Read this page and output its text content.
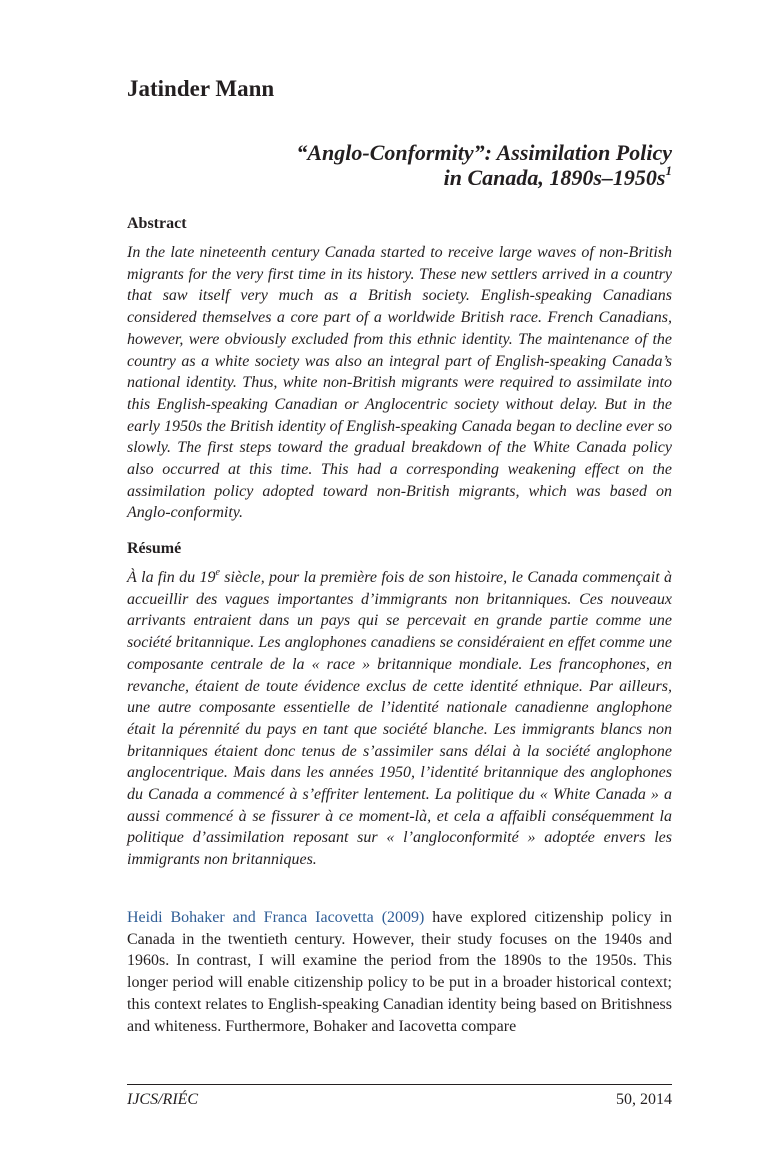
Jatinder Mann
“Anglo-Conformity”: Assimilation Policy
in Canada, $1890s-1950s^1$
Abstract

In the late nineteenth century Canada started to receive large waves of non-British migrants for the very first time in its history. These new settlers arrived in a country that saw itself very much as a British society. English-speaking Canadians considered themselves a core part of a worldwide British race. French Canadians, however, were obviously excluded from this ethnic identity. The maintenance of the country as a white society was also an integral part of English-speaking Canada’s national identity. Thus, white non-British migrants were required to assimilate into this English-speaking Canadian or Anglocentric society without delay. But in the early 1950s the British identity of English-speaking Canada began to decline ever so slowly. The first steps toward the gradual breakdown of the White Canada policy also occurred at this time. This had a corresponding weakening effect on the assimilation policy adopted toward non-British migrants, which was based on Anglo-conformity.

Résumé

À la fin du 19e siècle, pour la première fois de son histoire, le Canada commençait à accueillir des vagues importantes d’immigrants non britanniques. Ces nouveaux arrivants entraient dans un pays qui se percevait en grande partie comme une société britannique. Les anglophones canadiens se considéraient en effet comme une composante centrale de la « race » britannique mondiale. Les francophones, en revanche, étaient de toute évidence exclus de cette identité ethnique. Par ailleurs, une autre composante essentielle de l’identité nationale canadienne anglophone était la pérennité du pays en tant que société blanche. Les immigrants blancs non britanniques étaient donc tenus de s’assimiler sans délai à la société anglophone anglocentrique. Mais dans les années 1950, l’identité britannique des anglophones du Canada a commencé à s’effriter lentement. La politique du « White Canada » a aussi commencé à se fissurer à ce moment-là, et cela a affaibli conséquemment la politique d’assimilation reposant sur « l’angloconformité » adoptée envers les immigrants non britanniques.

Heidi Bohaker and Franca Iacovetta (2009) have explored citizenship policy in Canada in the twentieth century. However, their study focuses on the 1940s and 1960s. In contrast, I will examine the period from the 1890s to the 1950s. This longer period will enable citizenship policy to be put in a broader historical context; this context relates to English-speaking Canadian identity being based on Britishness and whiteness. Furthermore, Bohaker and Iacovetta compare

IJCS/RIÉC	50, 2014
